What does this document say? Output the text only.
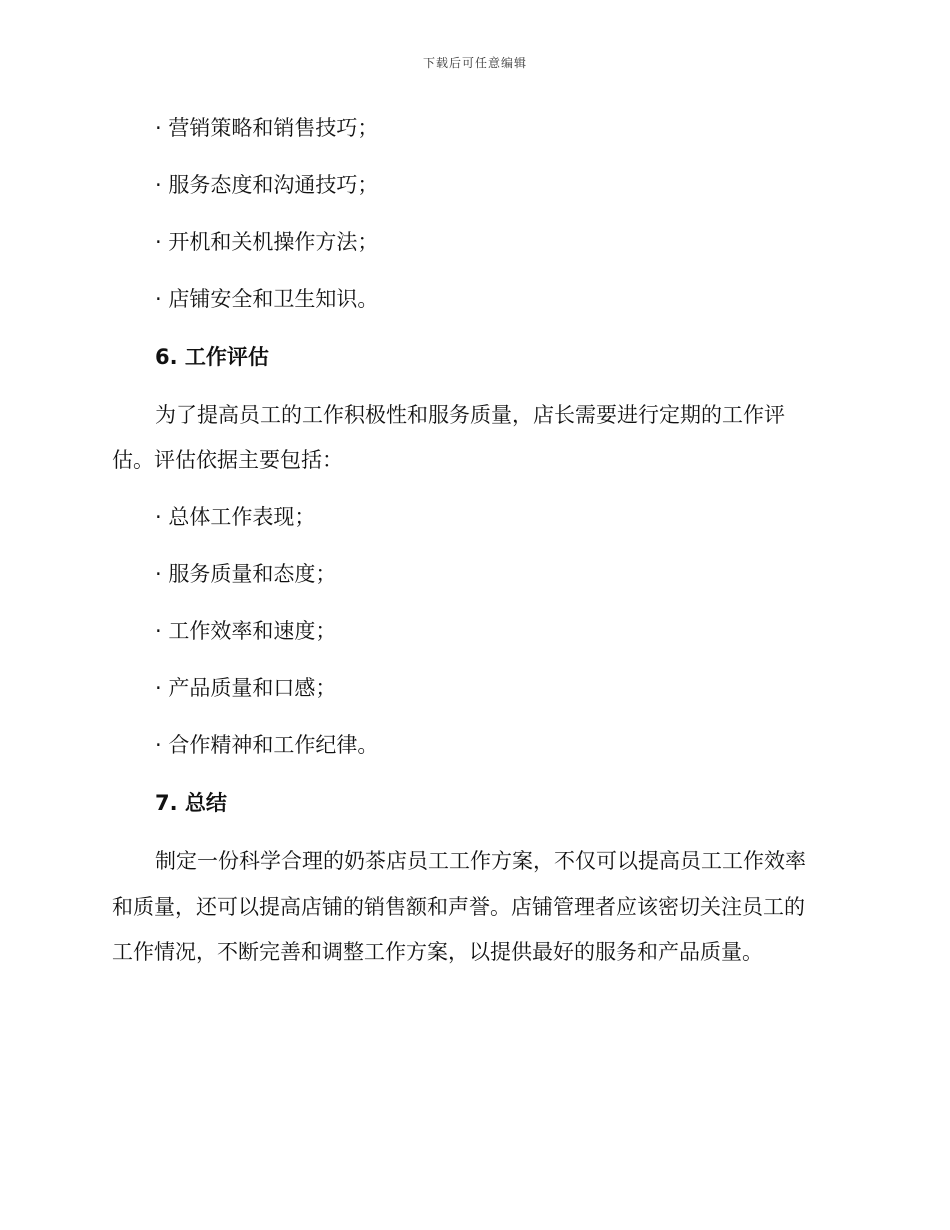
下载后可任意编辑
· 营销策略和销售技巧；
· 服务态度和沟通技巧；
· 开机和关机操作方法；
· 店铺安全和卫生知识。
6. 工作评估
为了提高员工的工作积极性和服务质量，店长需要进行定期的工作评
估。评估依据主要包括：
· 总体工作表现；
· 服务质量和态度；
· 工作效率和速度；
· 产品质量和口感；
· 合作精神和工作纪律。
7. 总结
制定一份科学合理的奶茶店员工工作方案，不仅可以提高员工工作效率
和质量，还可以提高店铺的销售额和声誉。店铺管理者应该密切关注员工的
工作情况，不断完善和调整工作方案，以提供最好的服务和产品质量。
